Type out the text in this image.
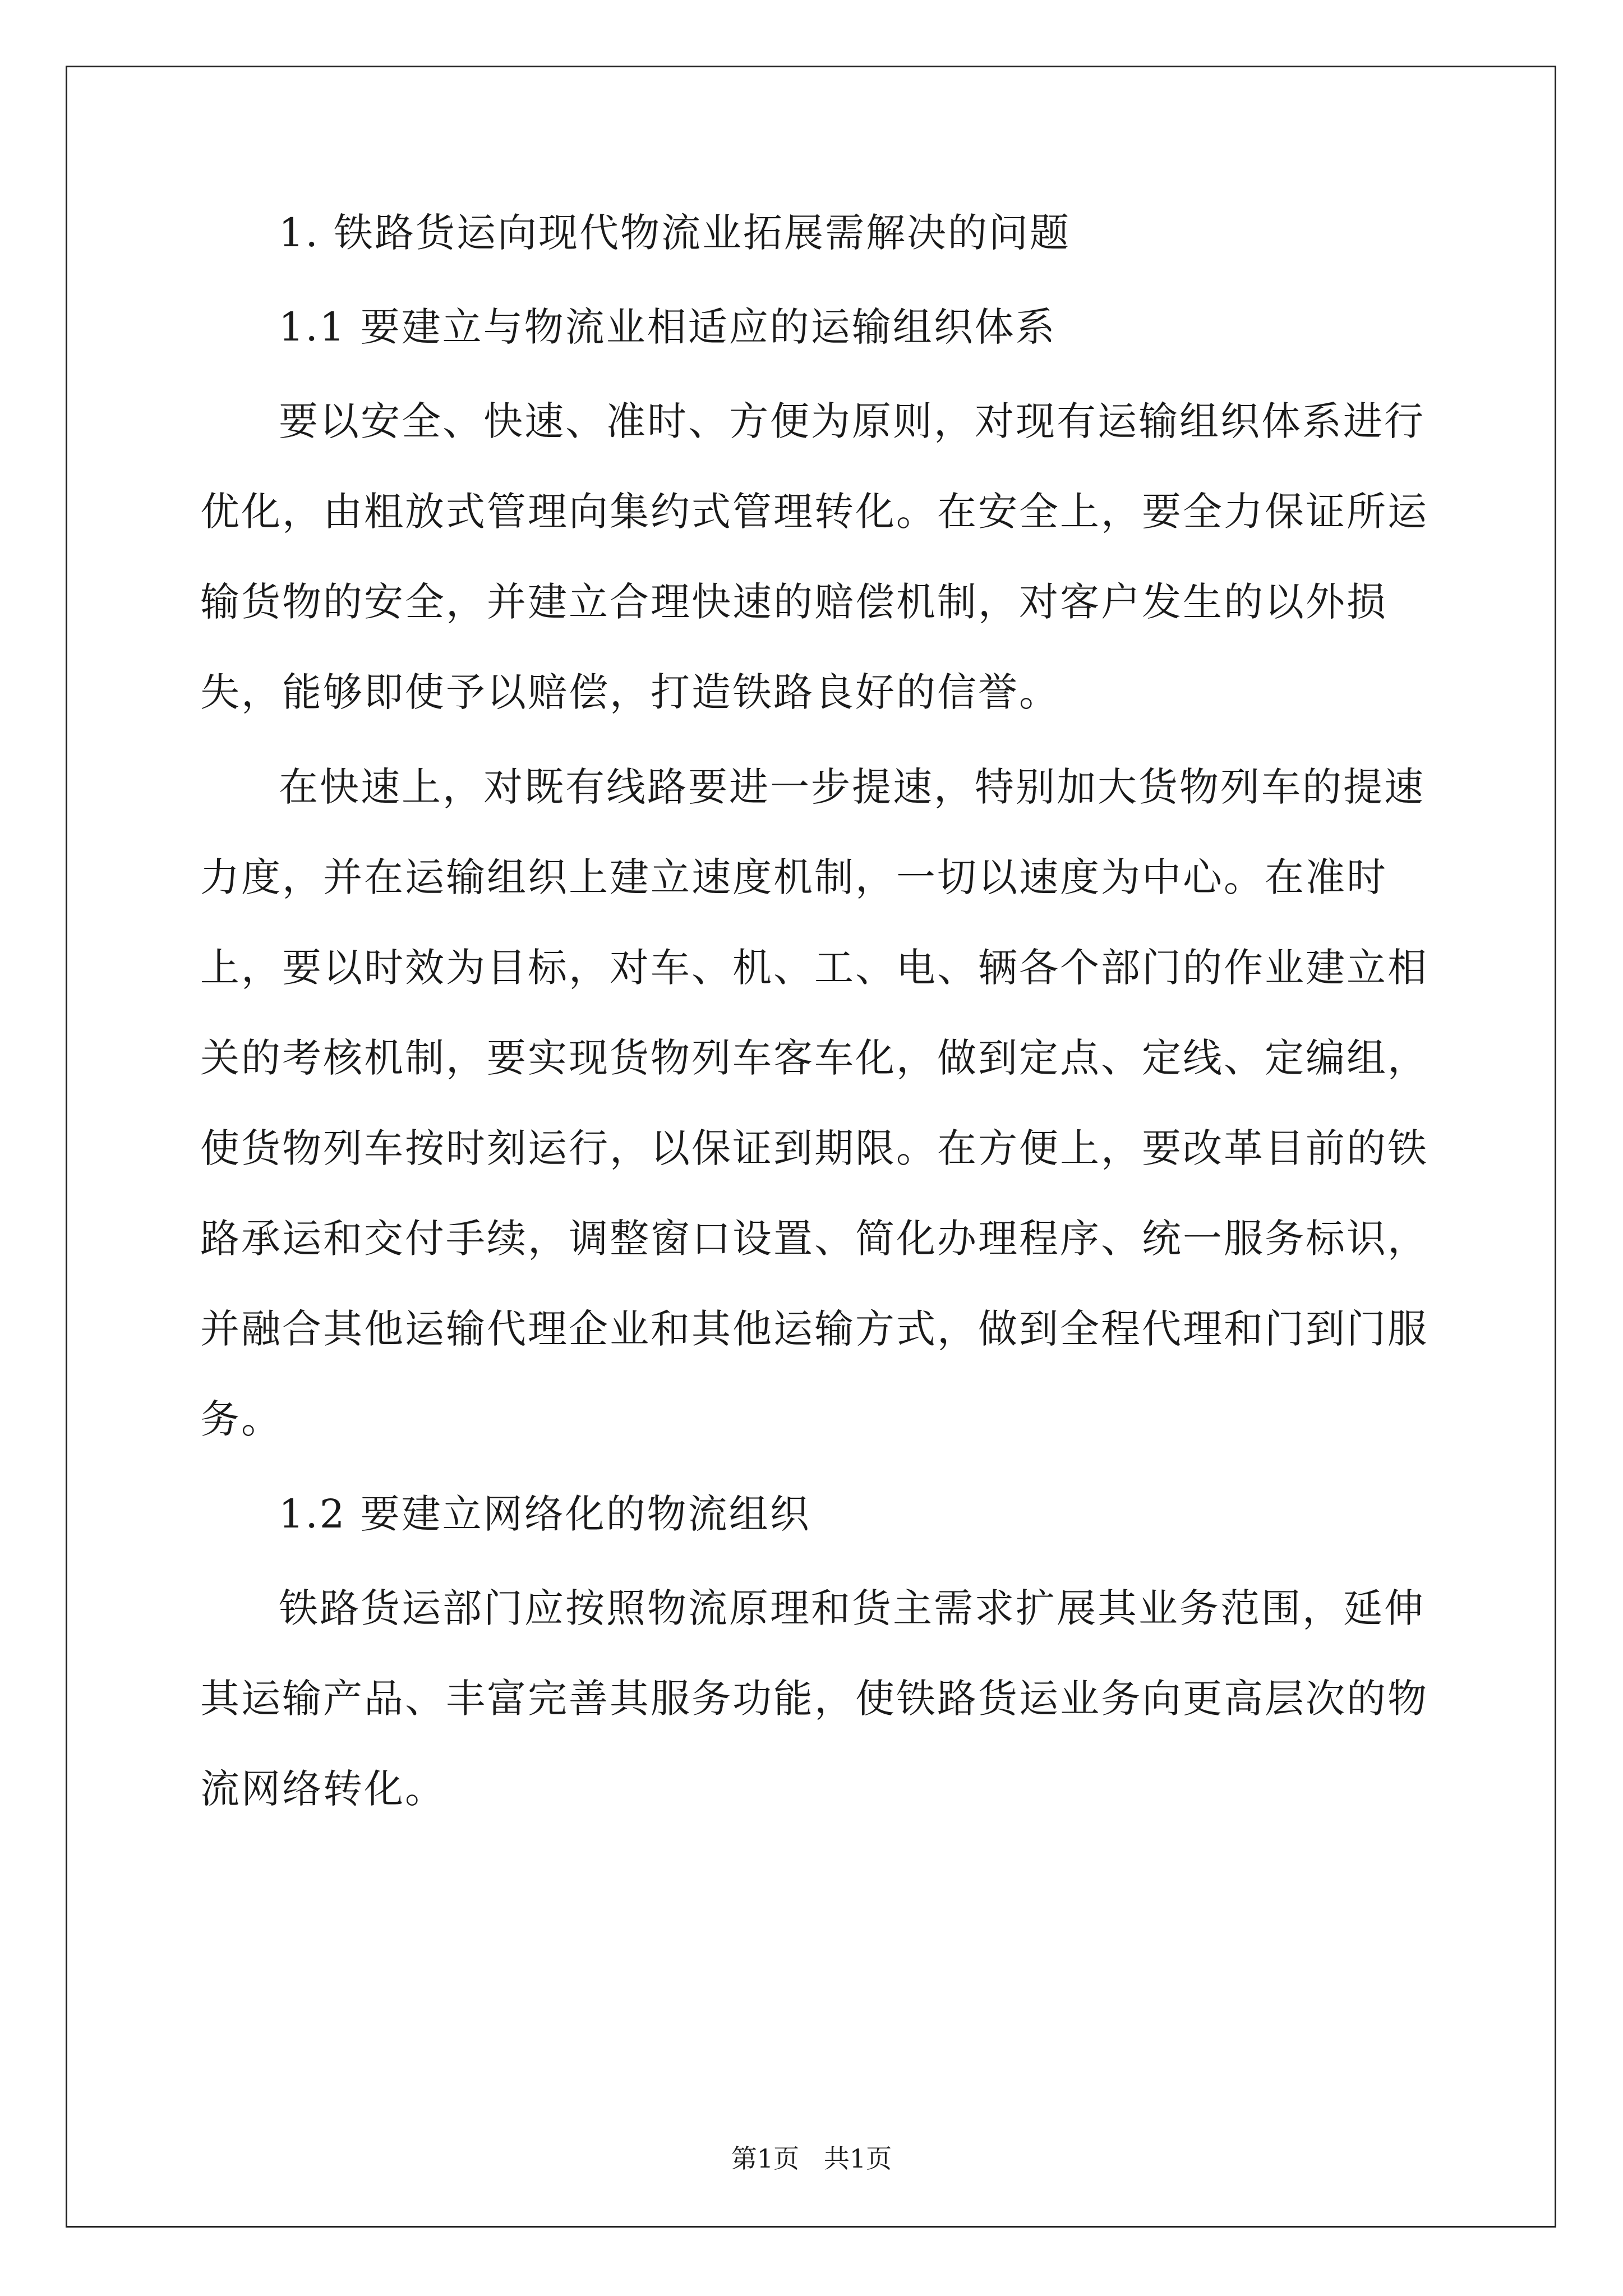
1. 铁路货运向现代物流业拓展需解决的问题
1.1 要建立与物流业相适应的运输组织体系

要以安全、快速、准时、方便为原则，对现有运输组织体系进行优化，由粗放式管理向集约式管理转化。在安全上，要全力保证所运输货物的安全，并建立合理快速的赔偿机制，对客户发生的以外损失，能够即使予以赔偿，打造铁路良好的信誉。

在快速上，对既有线路要进一步提速，特别加大货物列车的提速力度，并在运输组织上建立速度机制，一切以速度为中心。在准时上，要以时效为目标，对车、机、工、电、辆各个部门的作业建立相关的考核机制，要实现货物列车客车化，做到定点、定线、定编组，使货物列车按时刻运行，以保证到期限。在方便上，要改革目前的铁路承运和交付手续，调整窗口设置、简化办理程序、统一服务标识，并融合其他运输代理企业和其他运输方式，做到全程代理和门到门服务。

1.2 要建立网络化的物流组织

铁路货运部门应按照物流原理和货主需求扩展其业务范围，延伸其运输产品、丰富完善其服务功能，使铁路货运业务向更高层次的物流网络转化。

第1页   共1页
